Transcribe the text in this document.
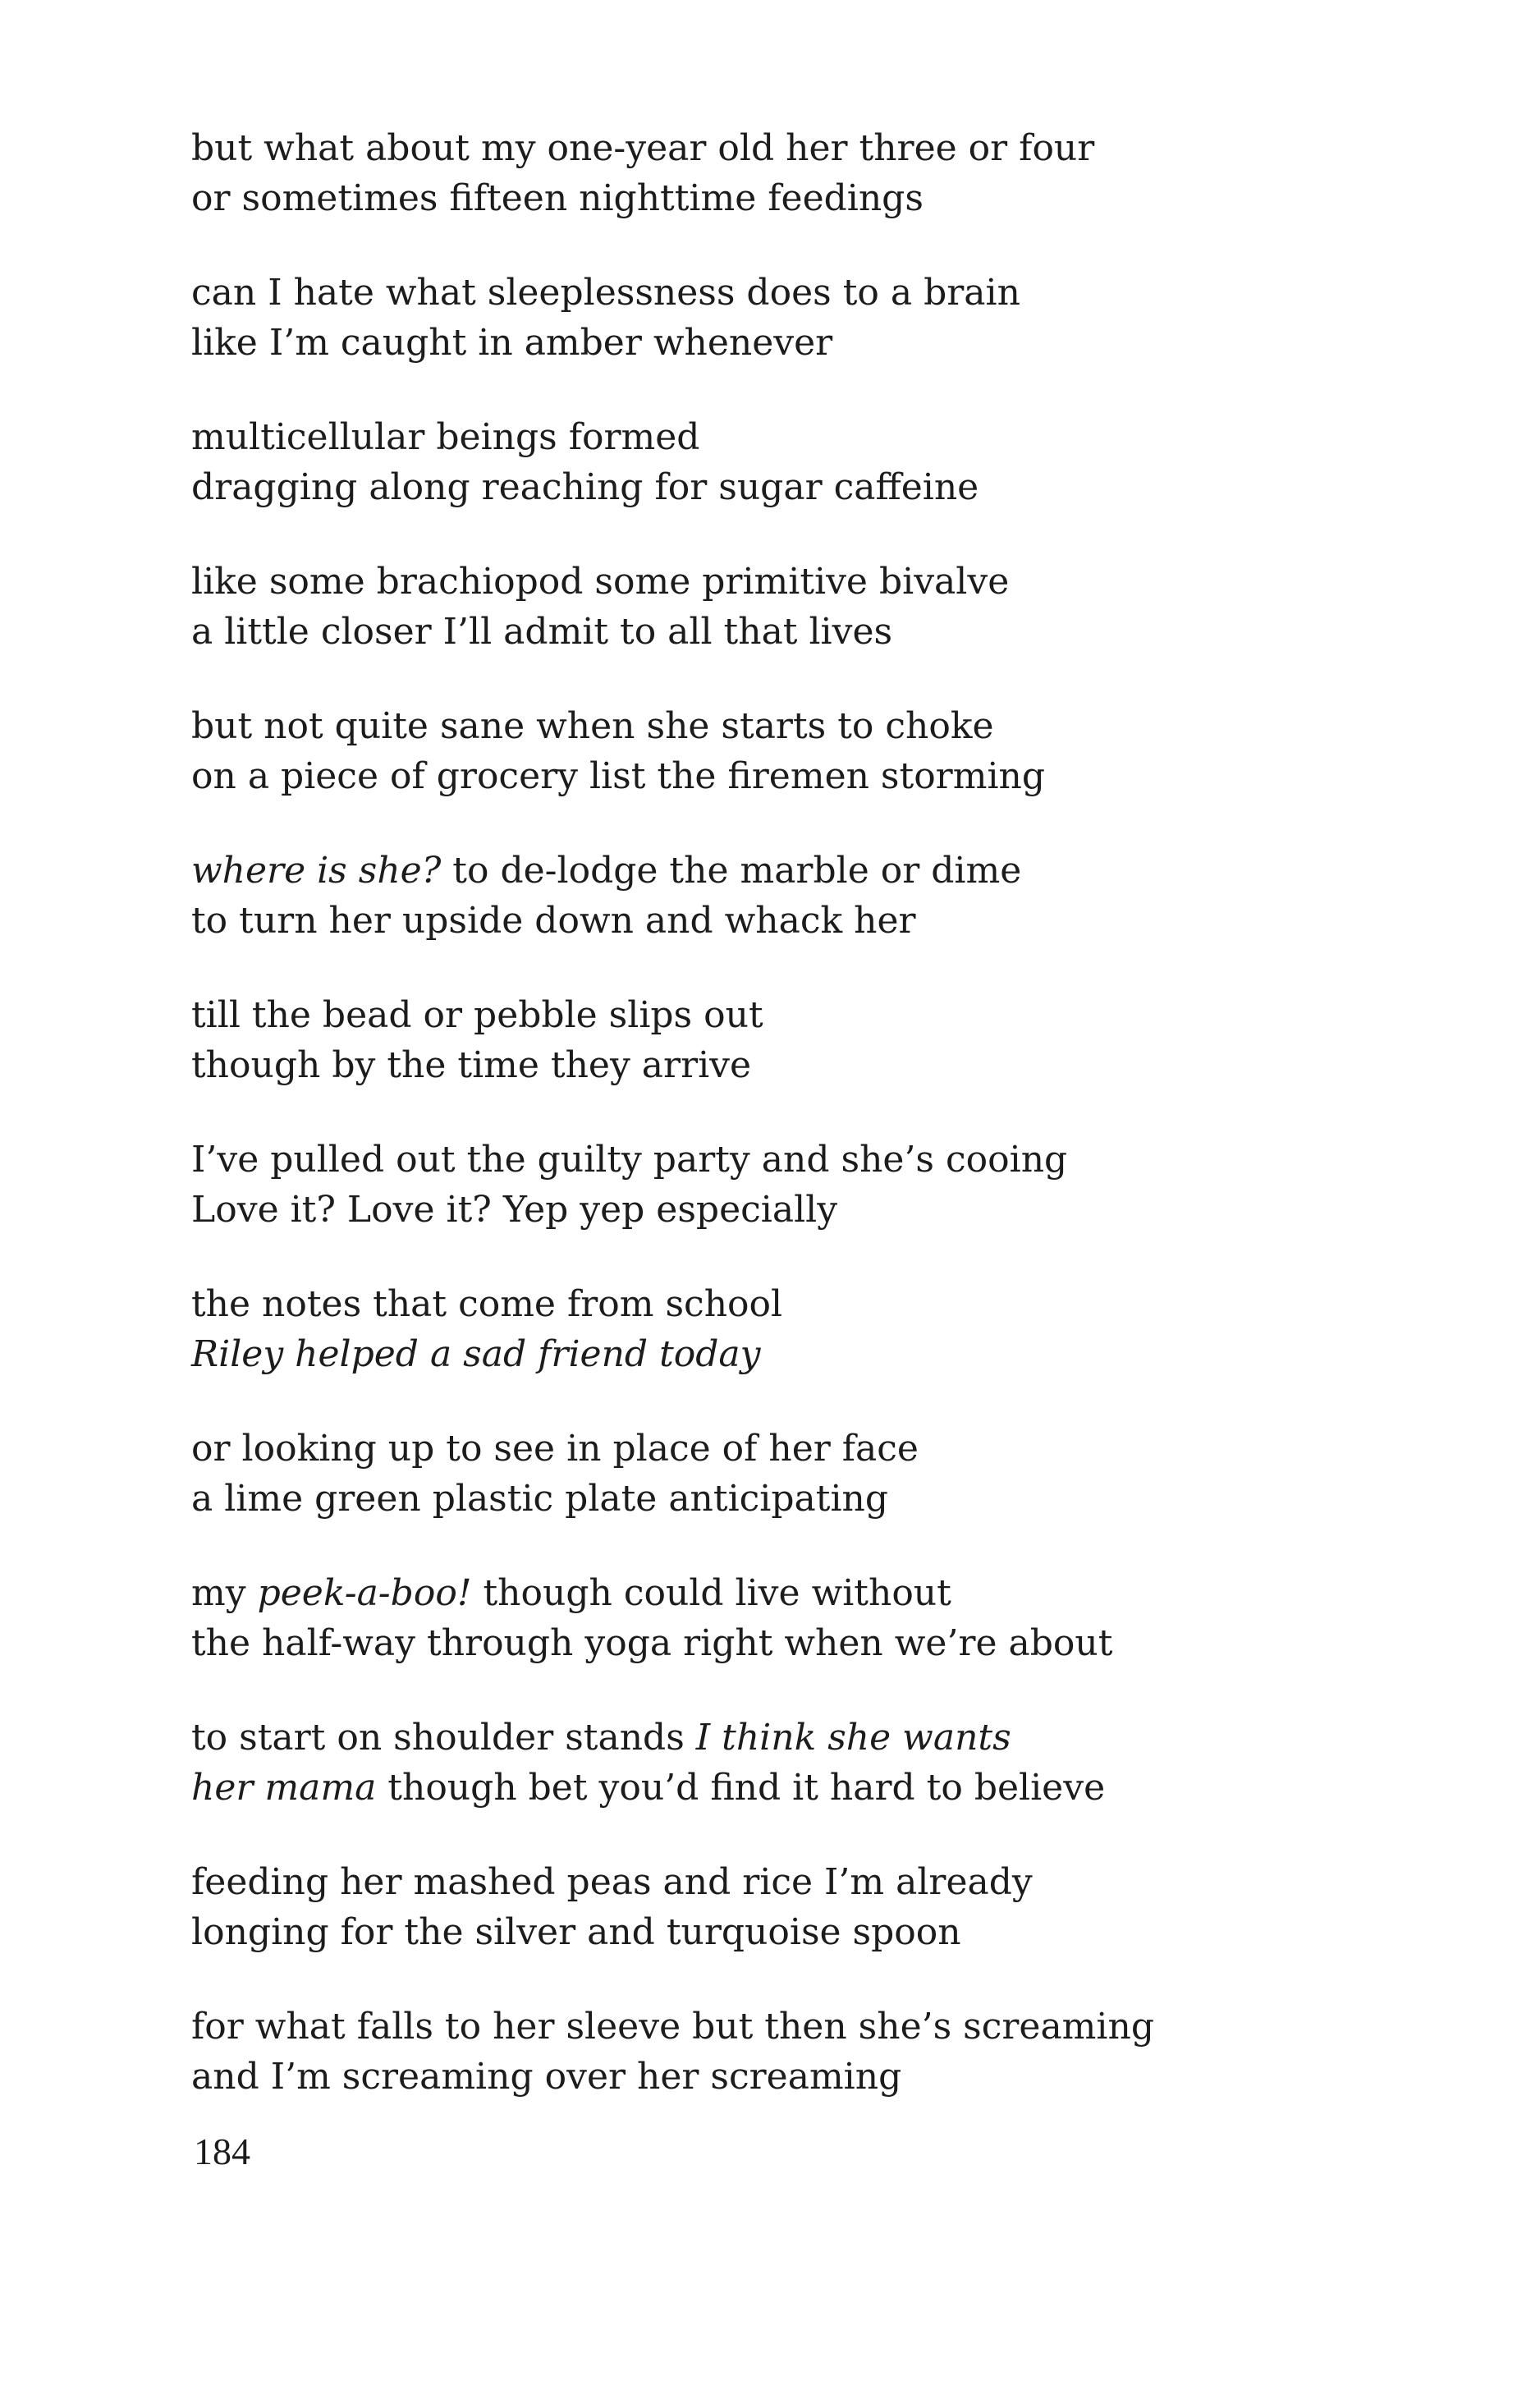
but what about my one-year old her three or four
or sometimes fifteen nighttime feedings
can I hate what sleeplessness does to a brain
like I’m caught in amber whenever
multicellular beings formed
dragging along reaching for sugar caffeine
like some brachiopod some primitive bivalve
a little closer I’ll admit to all that lives
but not quite sane when she starts to choke
on a piece of grocery list the firemen storming
where is she? to de-lodge the marble or dime
to turn her upside down and whack her
till the bead or pebble slips out
though by the time they arrive
I’ve pulled out the guilty party and she’s cooing
Love it? Love it? Yep yep especially
the notes that come from school
Riley helped a sad friend today
or looking up to see in place of her face
a lime green plastic plate anticipating
my peek-a-boo! though could live without
the half-way through yoga right when we’re about
to start on shoulder stands I think she wants
her mama though bet you’d find it hard to believe
feeding her mashed peas and rice I’m already
longing for the silver and turquoise spoon
for what falls to her sleeve but then she’s screaming
and I’m screaming over her screaming
184
